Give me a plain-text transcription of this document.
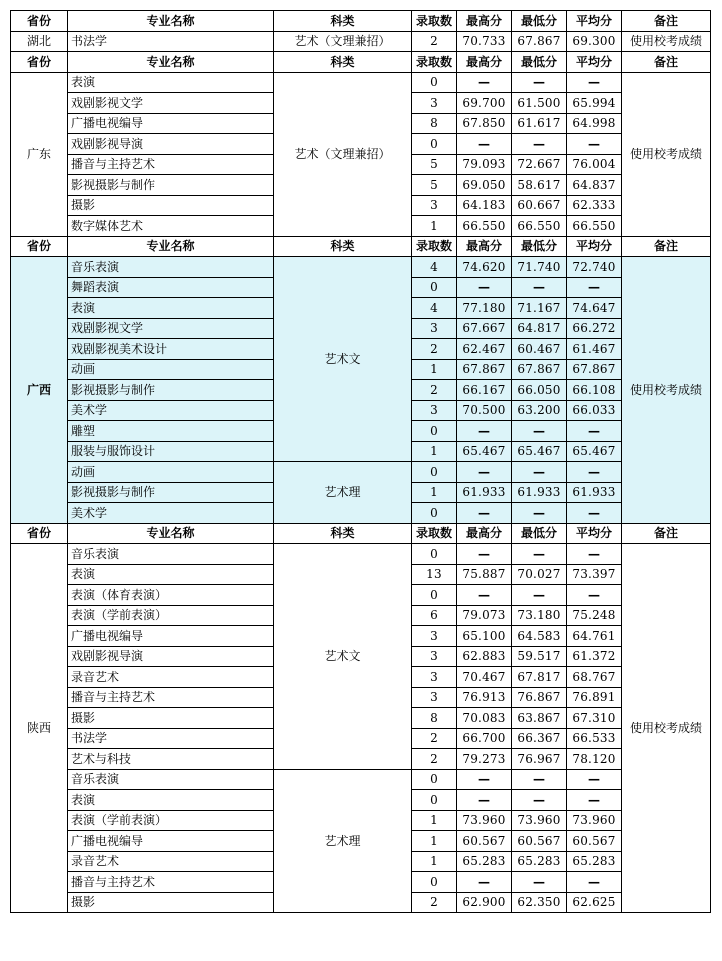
省份	专业名称	科类	录取数	最高分	最低分	平均分	备注
湖北	书法学	艺术（文理兼招）	2	70.733	67.867	69.300	使用校考成绩
省份	专业名称	科类	录取数	最高分	最低分	平均分	备注
广东	表演	艺术（文理兼招）	0	—	—	—	使用校考成绩
	戏剧影视文学		3	69.700	61.500	65.994	
	广播电视编导		8	67.850	61.617	64.998	
	戏剧影视导演		0	—	—	—	
	播音与主持艺术		5	79.093	72.667	76.004	
	影视摄影与制作		5	69.050	58.617	64.837	
	摄影		3	64.183	60.667	62.333	
	数字媒体艺术		1	66.550	66.550	66.550	
省份	专业名称	科类	录取数	最高分	最低分	平均分	备注
广西	音乐表演	艺术文	4	74.620	71.740	72.740	使用校考成绩
	舞蹈表演		0	—	—	—	
	表演		4	77.180	71.167	74.647	
	戏剧影视文学		3	67.667	64.817	66.272	
	戏剧影视美术设计		2	62.467	60.467	61.467	
	动画		1	67.867	67.867	67.867	
	影视摄影与制作		2	66.167	66.050	66.108	
	美术学		3	70.500	63.200	66.033	
	雕塑		0	—	—	—	
	服装与服饰设计		1	65.467	65.467	65.467	
	动画	艺术理	0	—	—	—	
	影视摄影与制作		1	61.933	61.933	61.933	
	美术学		0	—	—	—	
省份	专业名称	科类	录取数	最高分	最低分	平均分	备注
陕西	音乐表演	艺术文	0	—	—	—	使用校考成绩
	表演		13	75.887	70.027	73.397	
	表演（体育表演）		0	—	—	—	
	表演（学前表演）		6	79.073	73.180	75.248	
	广播电视编导		3	65.100	64.583	64.761	
	戏剧影视导演		3	62.883	59.517	61.372	
	录音艺术		3	70.467	67.817	68.767	
	播音与主持艺术		3	76.913	76.867	76.891	
	摄影		8	70.083	63.867	67.310	
	书法学		2	66.700	66.367	66.533	
	艺术与科技		2	79.273	76.967	78.120	
	音乐表演	艺术理	0	—	—	—	
	表演		0	—	—	—	
	表演（学前表演）		1	73.960	73.960	73.960	
	广播电视编导		1	60.567	60.567	60.567	
	录音艺术		1	65.283	65.283	65.283	
	播音与主持艺术		0	—	—	—	
	摄影		2	62.900	62.350	62.625	
